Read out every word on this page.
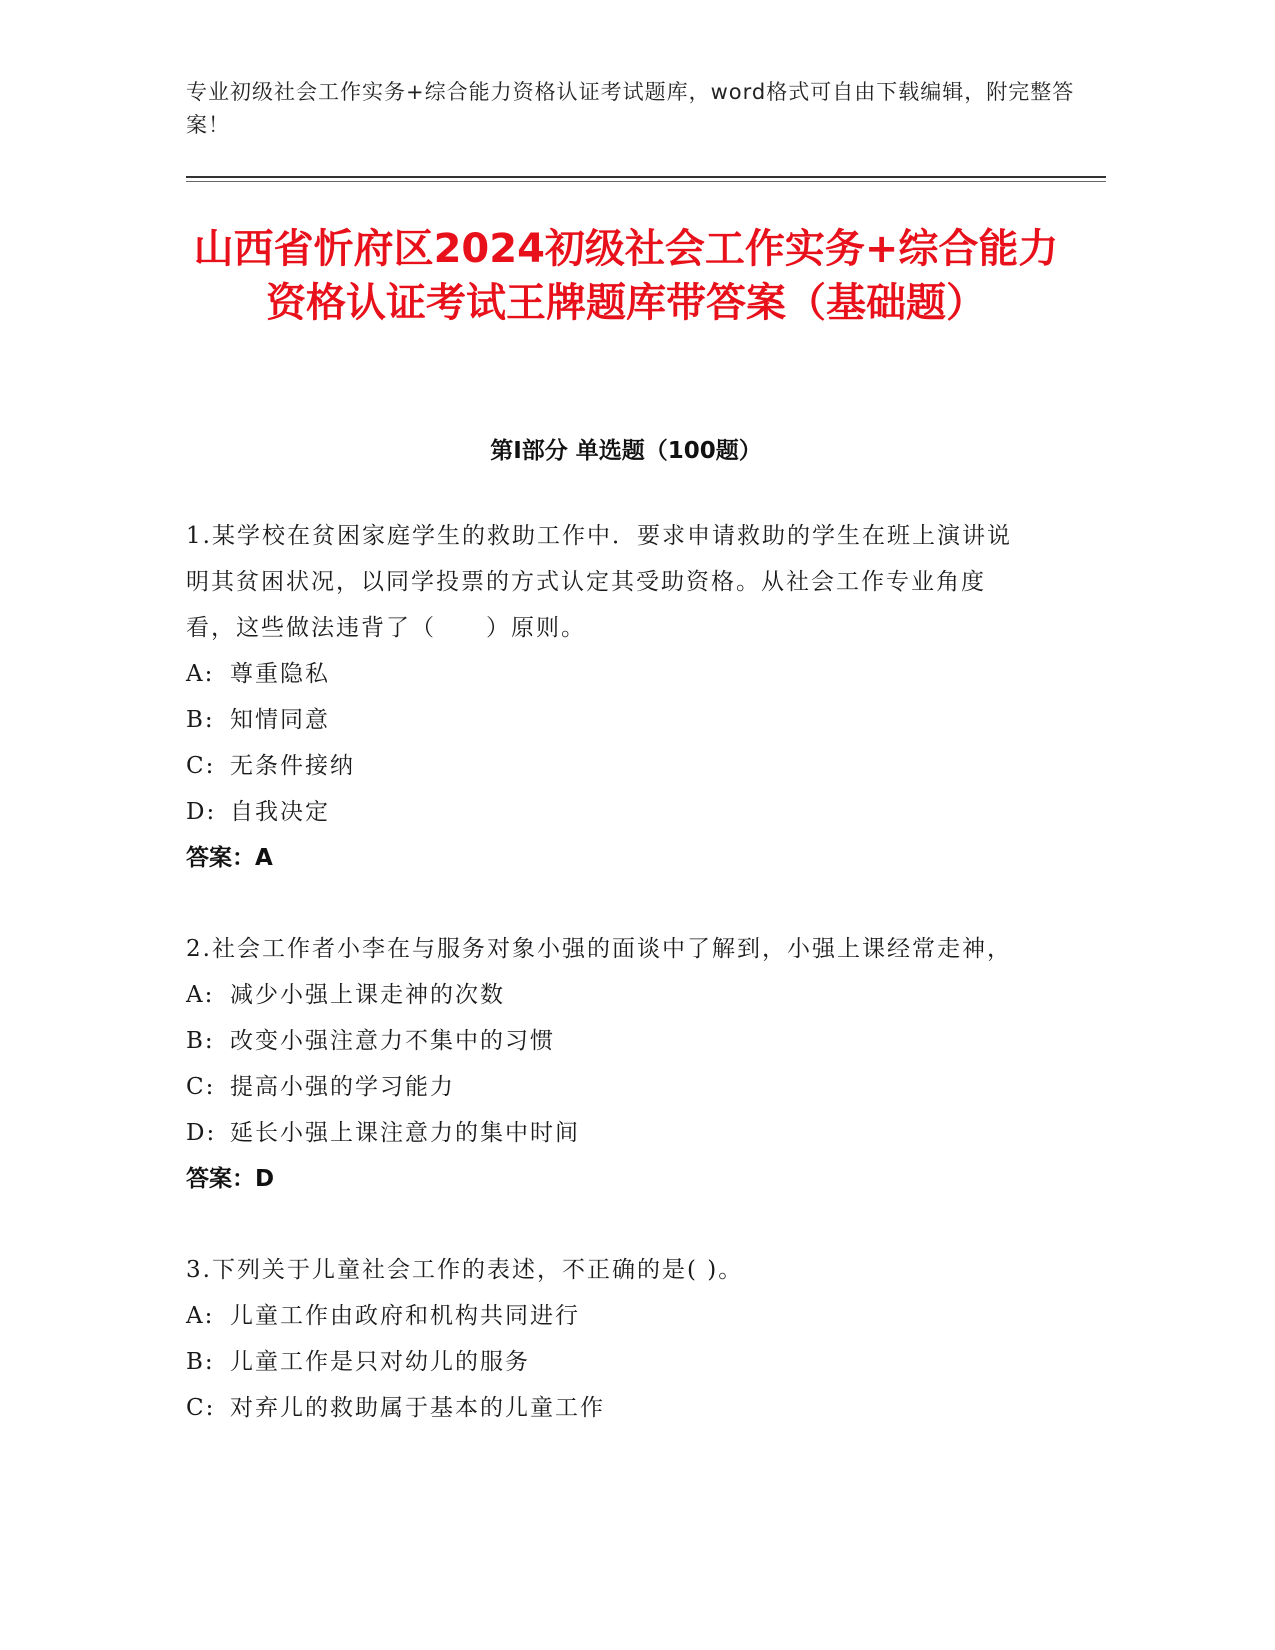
专业初级社会工作实务+综合能力资格认证考试题库，word格式可自由下载编辑，附完整答案！
山西省忻府区2024初级社会工作实务+综合能力资格认证考试王牌题库带答案（基础题）
第I部分 单选题（100题）

1.某学校在贫困家庭学生的救助工作中．要求申请救助的学生在班上演讲说明其贫困状况，以同学投票的方式认定其受助资格。从社会工作专业角度看，这些做法违背了（　　）原则。

A: 尊重隐私
B: 知情同意
C: 无条件接纳
D: 自我决定
答案：A

2.社会工作者小李在与服务对象小强的面谈中了解到，小强上课经常走神，

A: 减少小强上课走神的次数
B: 改变小强注意力不集中的习惯
C: 提高小强的学习能力
D: 延长小强上课注意力的集中时间
答案：D

3.下列关于儿童社会工作的表述，不正确的是( )。

A: 儿童工作由政府和机构共同进行
B: 儿童工作是只对幼儿的服务
C: 对弃儿的救助属于基本的儿童工作
